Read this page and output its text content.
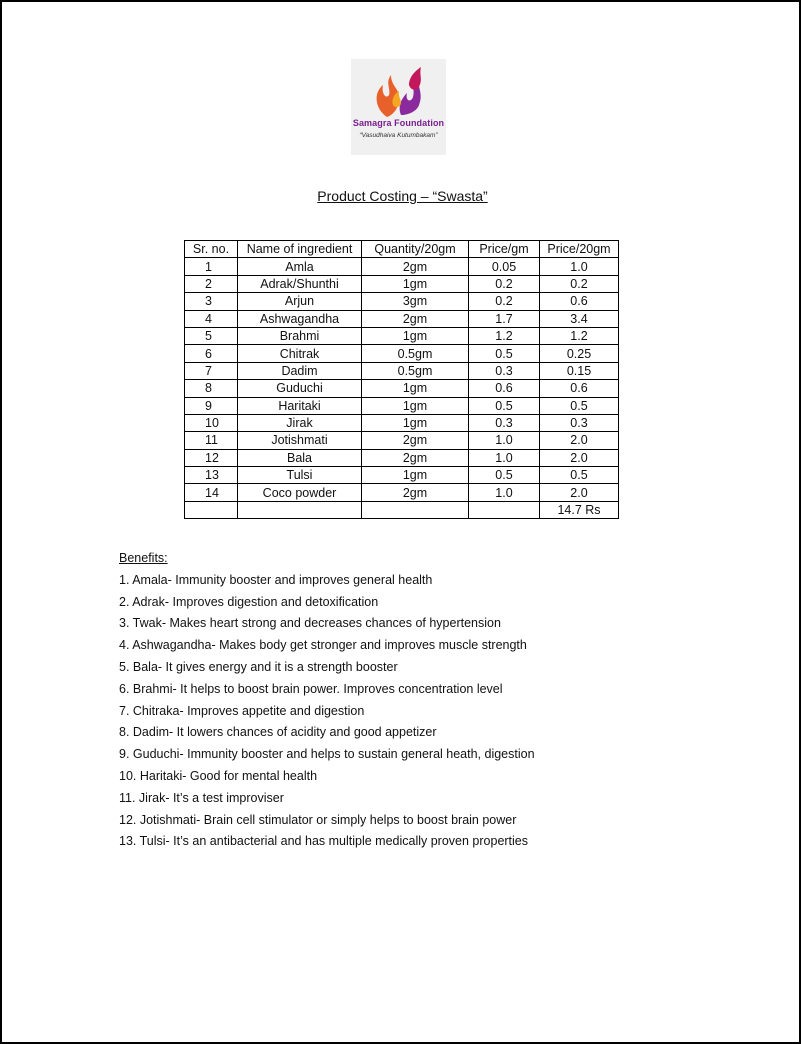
Samagra Foundation
“Vasudhaiva Kutumbakam”
Product Costing – “Swasta”
Sr. no.	Name of ingredient	Quantity/20gm	Price/gm	Price/20gm
1	Amla	2gm	0.05	1.0
2	Adrak/Shunthi	1gm	0.2	0.2
3	Arjun	3gm	0.2	0.6
4	Ashwagandha	2gm	1.7	3.4
5	Brahmi	1gm	1.2	1.2
6	Chitrak	0.5gm	0.5	0.25
7	Dadim	0.5gm	0.3	0.15
8	Guduchi	1gm	0.6	0.6
9	Haritaki	1gm	0.5	0.5
10	Jirak	1gm	0.3	0.3
11	Jotishmati	2gm	1.0	2.0
12	Bala	2gm	1.0	2.0
13	Tulsi	1gm	0.5	0.5
14	Coco powder	2gm	1.0	2.0
				14.7 Rs
Benefits:
1. Amala- Immunity booster and improves general health
2. Adrak- Improves digestion and detoxification
3. Twak- Makes heart strong and decreases chances of hypertension
4. Ashwagandha- Makes body get stronger and improves muscle strength
5. Bala- It gives energy and it is a strength booster
6. Brahmi- It helps to boost brain power. Improves concentration level
7. Chitraka- Improves appetite and digestion
8. Dadim- It lowers chances of acidity and good appetizer
9. Guduchi- Immunity booster and helps to sustain general heath, digestion
10. Haritaki- Good for mental health
11. Jirak- It’s a test improviser
12. Jotishmati- Brain cell stimulator or simply helps to boost brain power
13. Tulsi- It’s an antibacterial and has multiple medically proven properties
